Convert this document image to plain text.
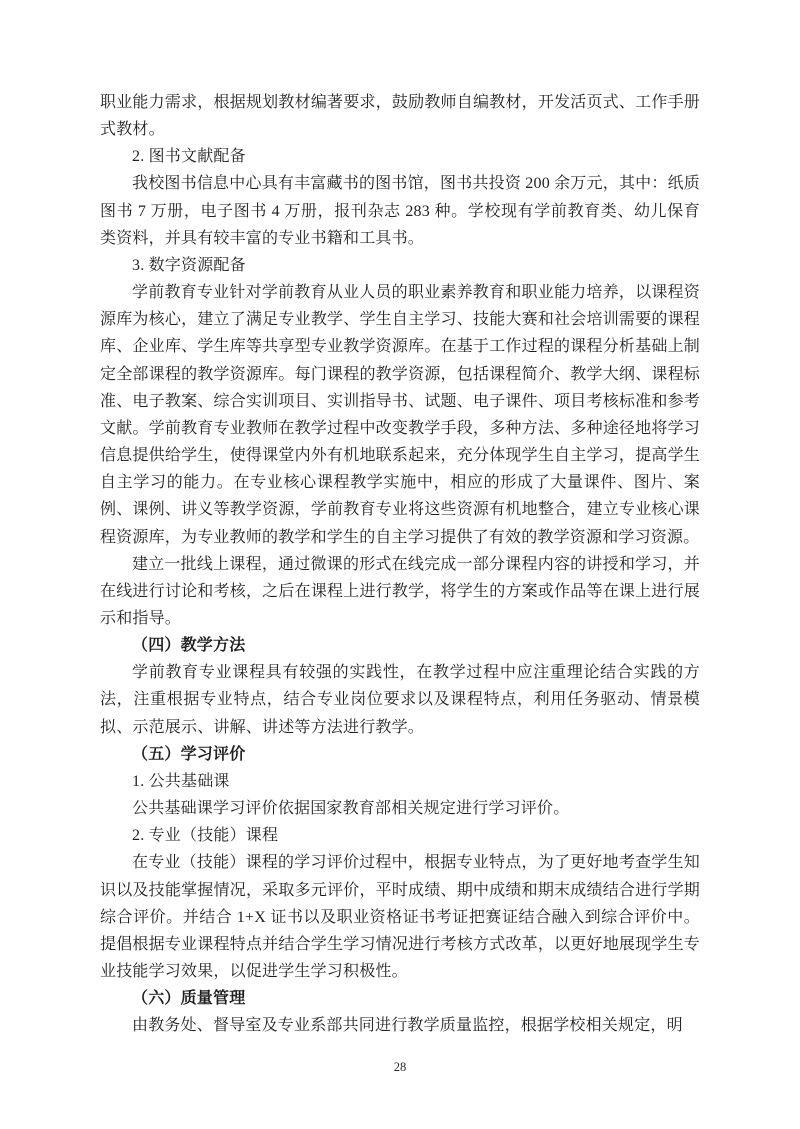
职业能力需求，根据规划教材编著要求，鼓励教师自编教材，开发活页式、工作手册式教材。

2. 图书文献配备

我校图书信息中心具有丰富藏书的图书馆，图书共投资 200 余万元，其中：纸质图书 7 万册，电子图书 4 万册，报刊杂志 283 种。学校现有学前教育类、幼儿保育类资料，并具有较丰富的专业书籍和工具书。

3. 数字资源配备

学前教育专业针对学前教育从业人员的职业素养教育和职业能力培养，以课程资源库为核心，建立了满足专业教学、学生自主学习、技能大赛和社会培训需要的课程库、企业库、学生库等共享型专业教学资源库。在基于工作过程的课程分析基础上制定全部课程的教学资源库。每门课程的教学资源，包括课程简介、教学大纲、课程标准、电子教案、综合实训项目、实训指导书、试题、电子课件、项目考核标准和参考文献。学前教育专业教师在教学过程中改变教学手段，多种方法、多种途径地将学习信息提供给学生，使得课堂内外有机地联系起来，充分体现学生自主学习，提高学生自主学习的能力。在专业核心课程教学实施中，相应的形成了大量课件、图片、案例、课例、讲义等教学资源，学前教育专业将这些资源有机地整合，建立专业核心课程资源库，为专业教师的教学和学生的自主学习提供了有效的教学资源和学习资源。

建立一批线上课程，通过微课的形式在线完成一部分课程内容的讲授和学习，并在线进行讨论和考核，之后在课程上进行教学，将学生的方案或作品等在课上进行展示和指导。

（四）教学方法

学前教育专业课程具有较强的实践性，在教学过程中应注重理论结合实践的方法，注重根据专业特点，结合专业岗位要求以及课程特点，利用任务驱动、情景模拟、示范展示、讲解、讲述等方法进行教学。

（五）学习评价

1. 公共基础课

公共基础课学习评价依据国家教育部相关规定进行学习评价。

2. 专业（技能）课程

在专业（技能）课程的学习评价过程中，根据专业特点，为了更好地考查学生知识以及技能掌握情况，采取多元评价，平时成绩、期中成绩和期末成绩结合进行学期综合评价。并结合 1+X 证书以及职业资格证书考证把赛证结合融入到综合评价中。提倡根据专业课程特点并结合学生学习情况进行考核方式改革，以更好地展现学生专业技能学习效果，以促进学生学习积极性。

（六）质量管理

由教务处、督导室及专业系部共同进行教学质量监控，根据学校相关规定，明

28
